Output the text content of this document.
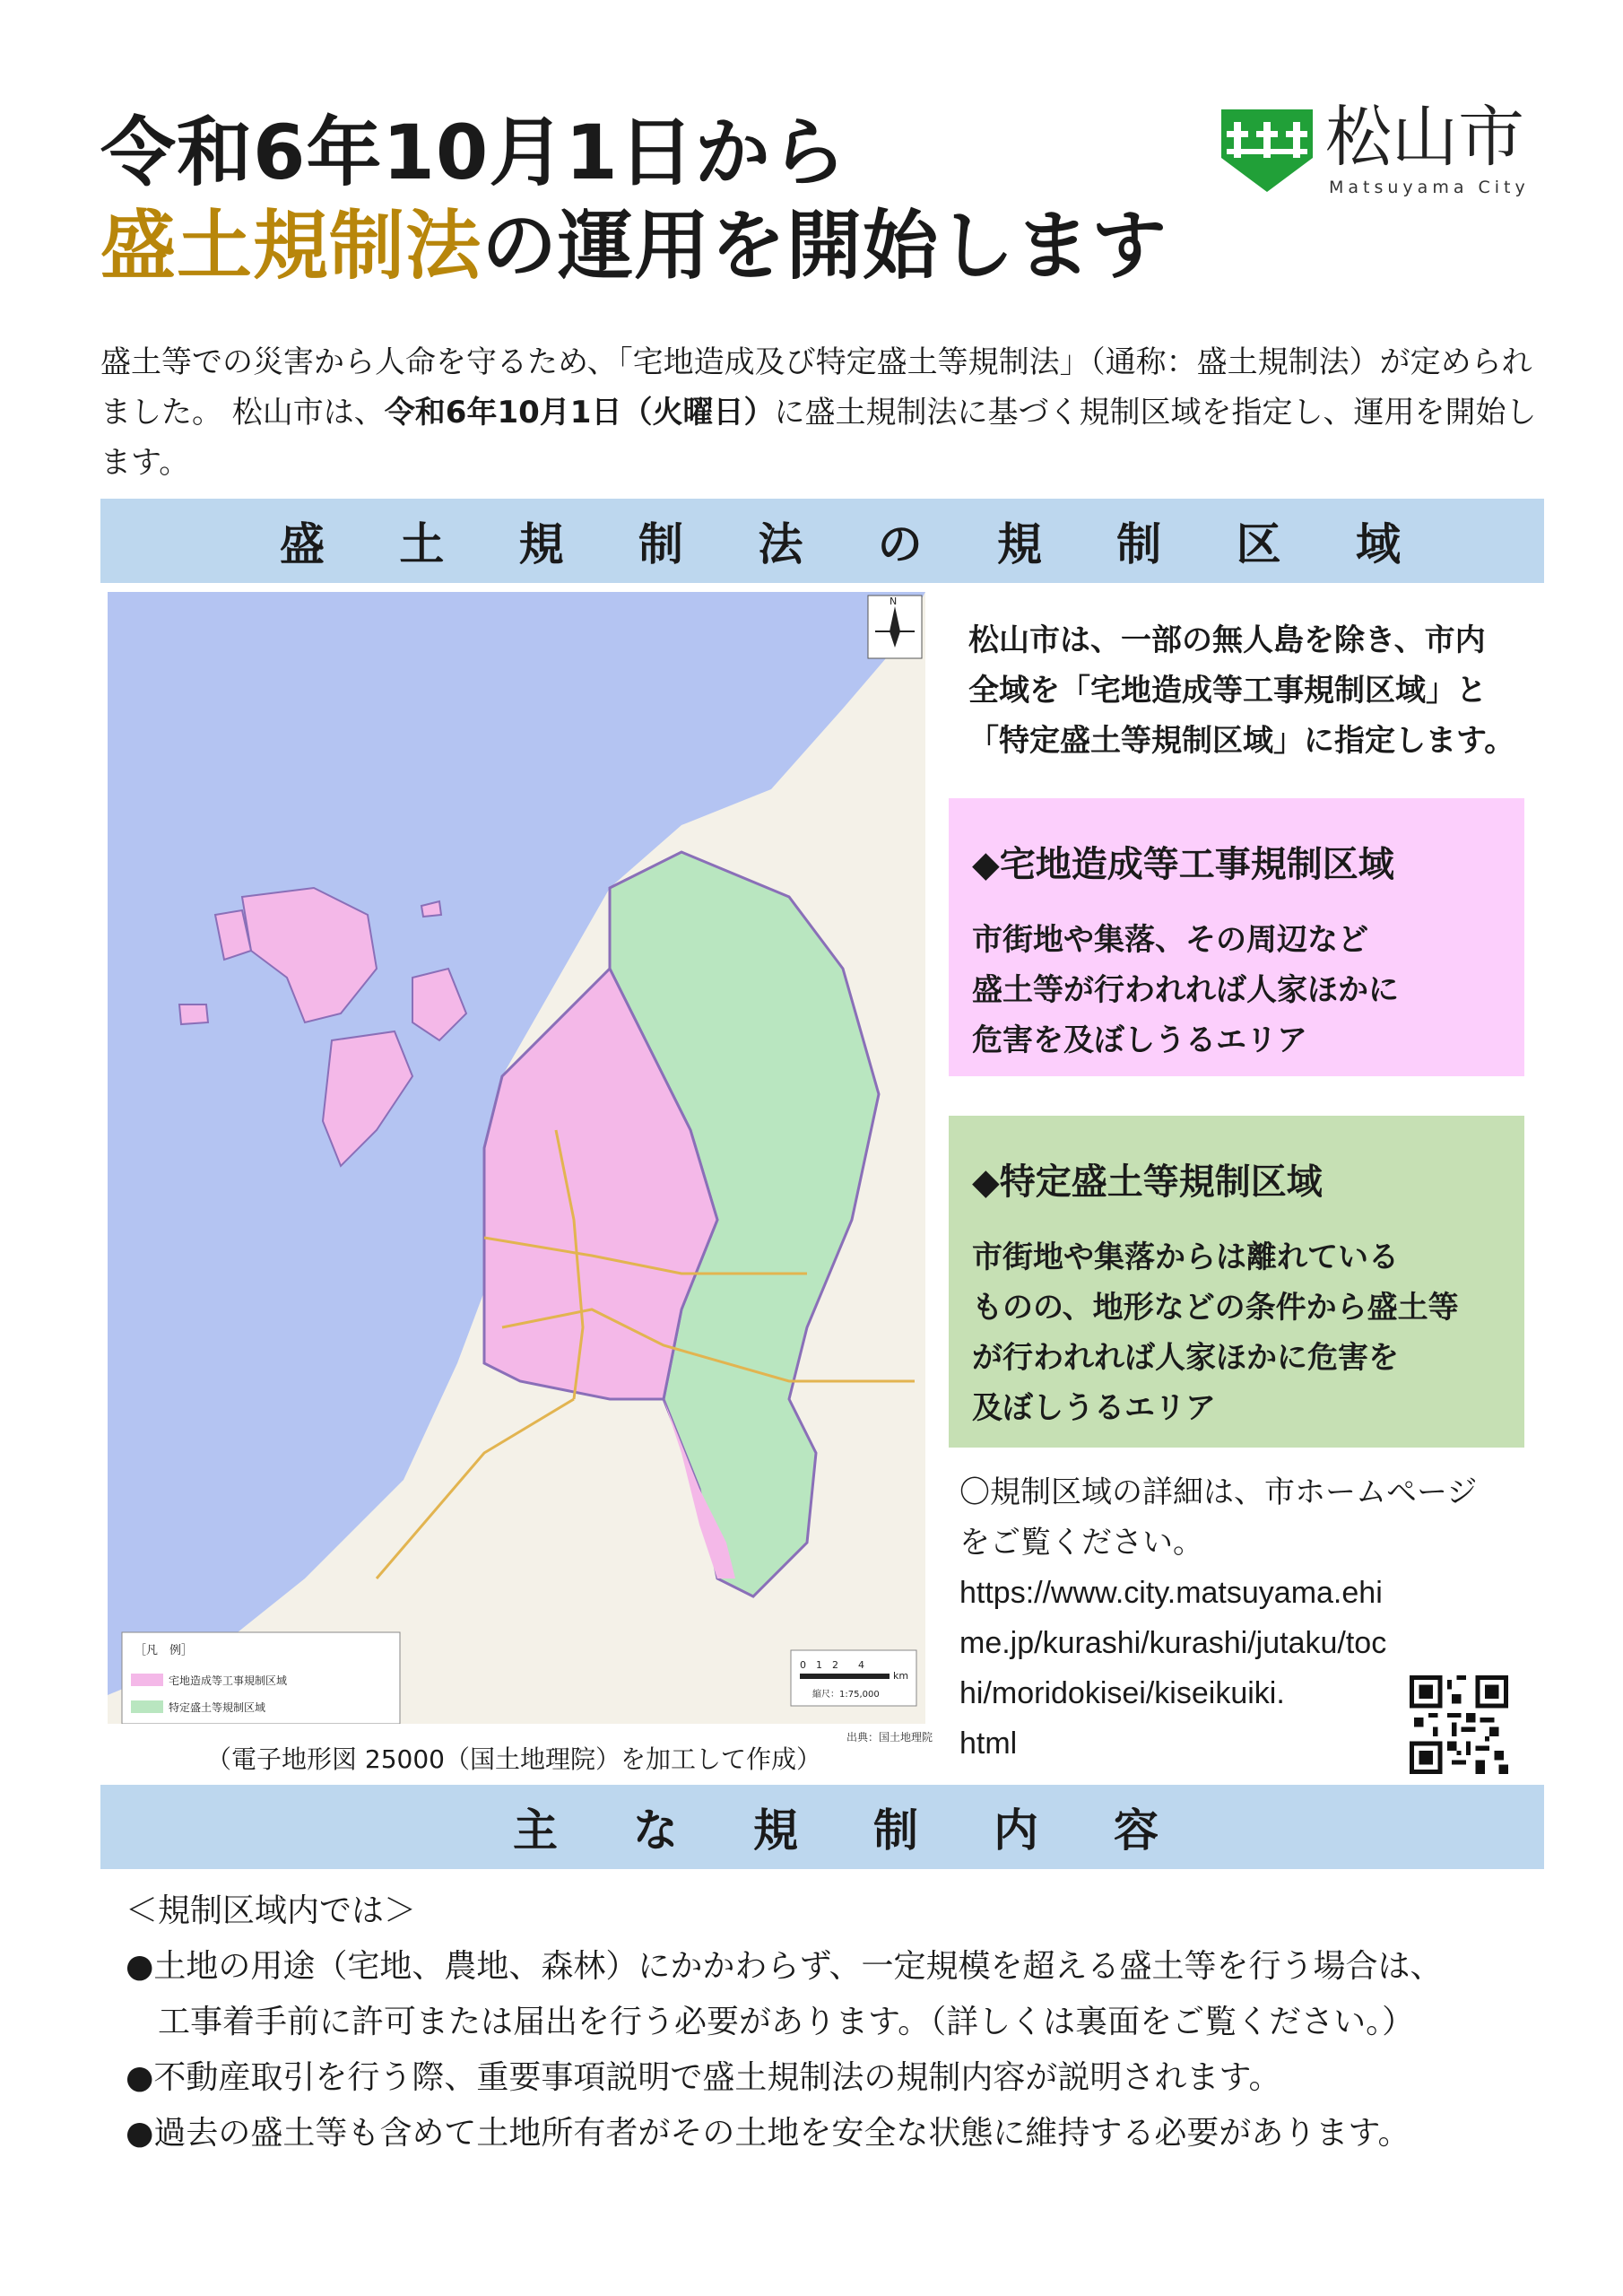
令和6年10月1日から
盛土規制法の運用を開始します
松山市
Matsuyama City
盛土等での災害から人命を守るため、「宅地造成及び特定盛土等規制法」（通称：盛土規制法）が定められました。 松山市は、令和6年10月1日（火曜日）に盛土規制法に基づく規制区域を指定し、運用を開始します。
盛 土 規 制 法 の 規 制 区 域
N
［凡　例］
宅地造成等工事規制区域
特定盛土等規制区域
0　1　2　　4
km
縮尺：1:75,000
出典：国土地理院
（電子地形図 25000（国土地理院）を加工して作成）
松山市は、一部の無人島を除き、市内
全域を「宅地造成等工事規制区域」と
「特定盛土等規制区域」に指定します。
◆宅地造成等工事規制区域

市街地や集落、その周辺など
盛土等が行われれば人家ほかに
危害を及ぼしうるエリア

◆特定盛土等規制区域

市街地や集落からは離れている
ものの、地形などの条件から盛土等
が行われれば人家ほかに危害を
及ぼしうるエリア

〇規制区域の詳細は、市ホームページ
をご覧ください。
https://www.city.matsuyama.ehi
me.jp/kurashi/kurashi/jutaku/toc
hi/moridokisei/kiseikuiki.
html
主 な 規 制 内 容
＜規制区域内では＞
●土地の用途（宅地、農地、森林）にかかわらず、一定規模を超える盛土等を行う場合は、
　工事着手前に許可または届出を行う必要があります。（詳しくは裏面をご覧ください。）
●不動産取引を行う際、重要事項説明で盛土規制法の規制内容が説明されます。
●過去の盛土等も含めて土地所有者がその土地を安全な状態に維持する必要があります。
